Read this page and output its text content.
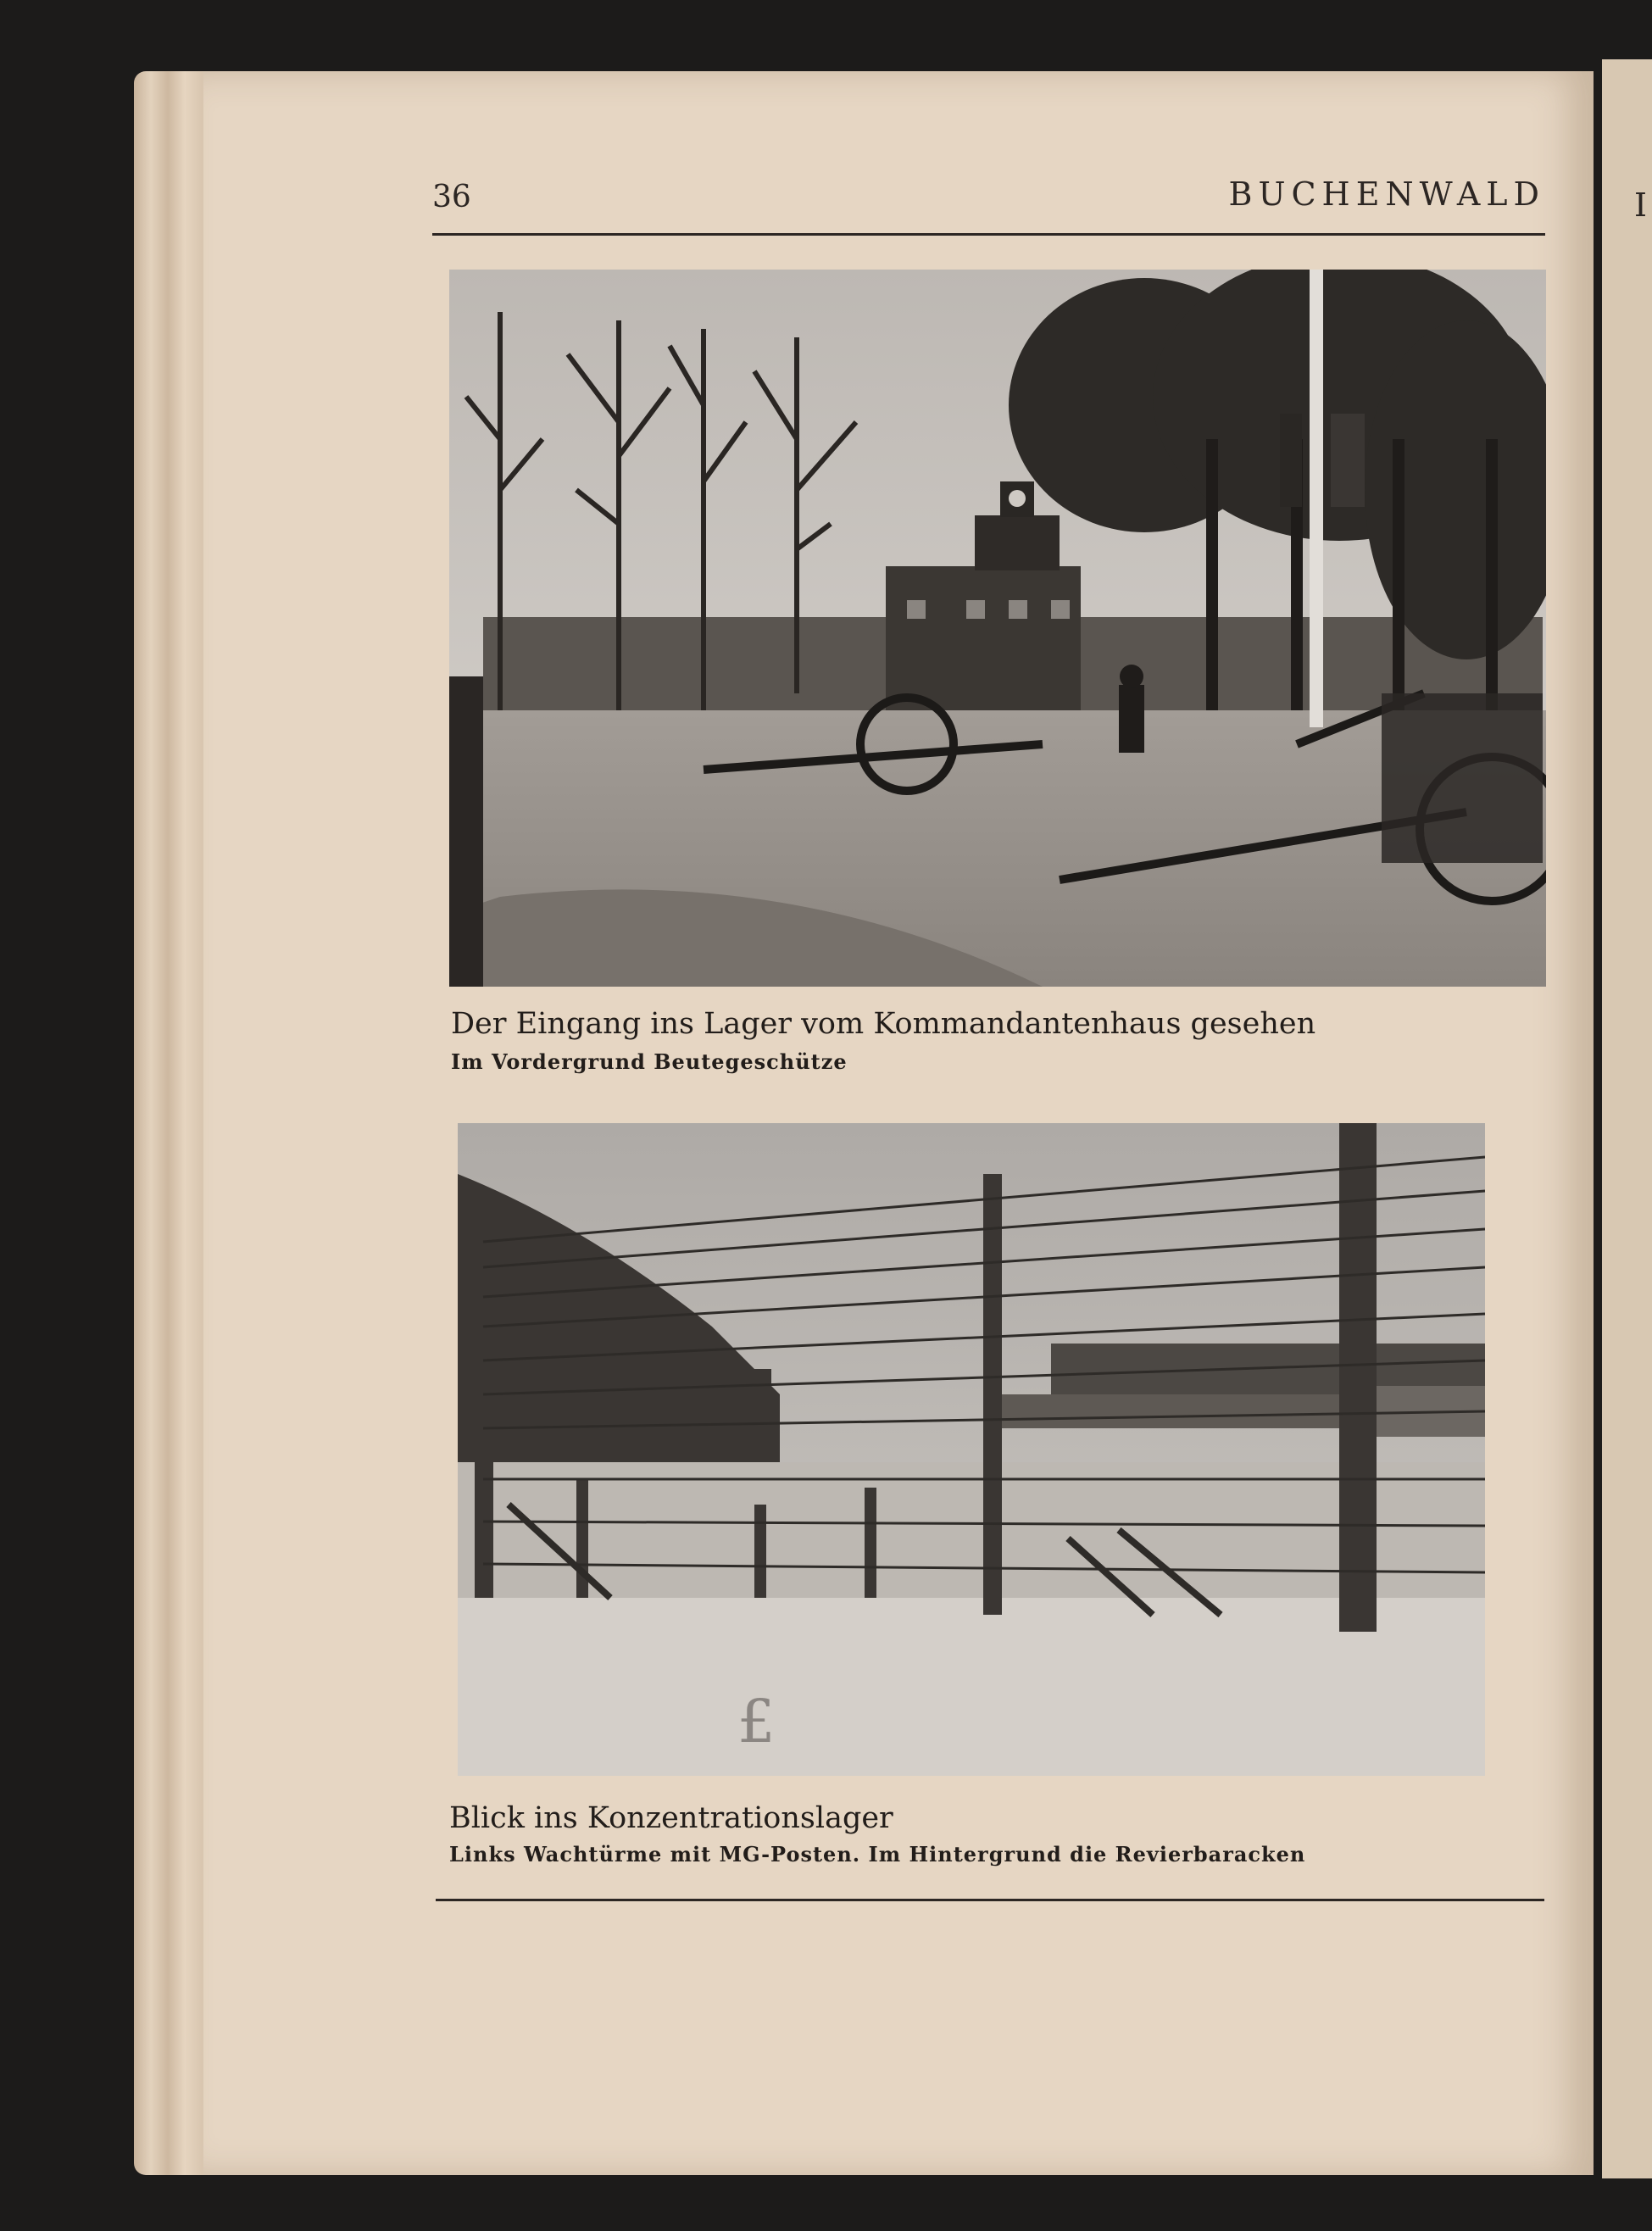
I
36	BUCHENWALD
Der Eingang ins Lager vom Kommandantenhaus gesehen
Im Vordergrund Beutegeschütze
£
Blick ins Konzentrationslager
Links Wachtürme mit MG-Posten. Im Hintergrund die Revierbaracken
